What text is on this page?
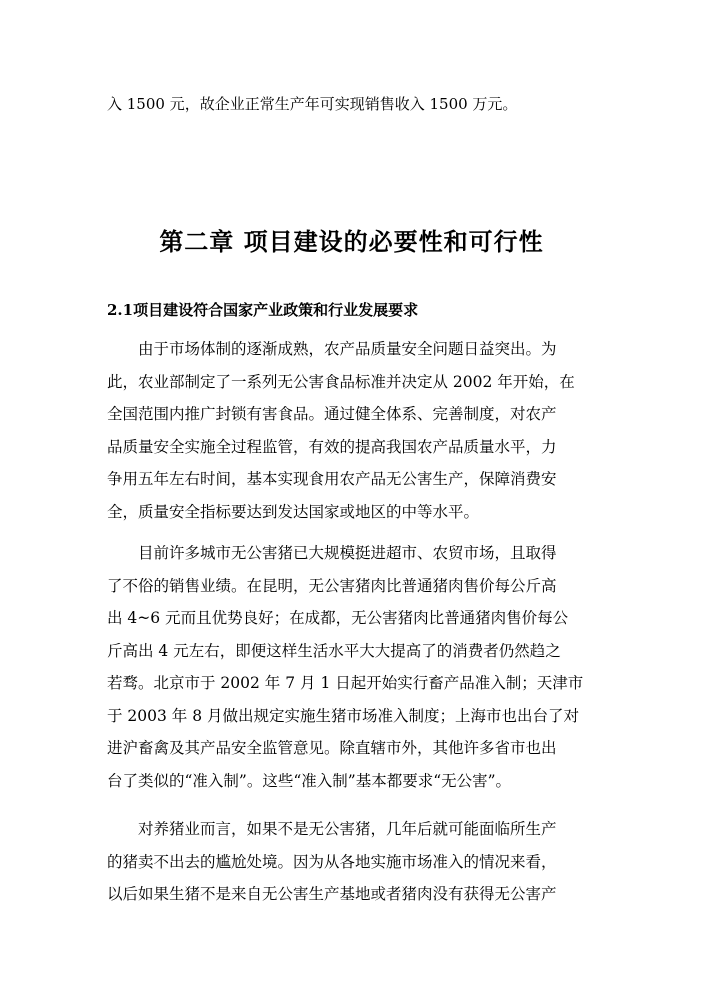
入 1500 元，故企业正常生产年可实现销售收入 1500 万元。
第二章 项目建设的必要性和可行性
2.1项目建设符合国家产业政策和行业发展要求
　　由于市场体制的逐渐成熟，农产品质量安全问题日益突出。为
此，农业部制定了一系列无公害食品标准并决定从 2002 年开始，在
全国范围内推广封锁有害食品。通过健全体系、完善制度，对农产
品质量安全实施全过程监管，有效的提高我国农产品质量水平，力
争用五年左右时间，基本实现食用农产品无公害生产，保障消费安
全，质量安全指标要达到发达国家或地区的中等水平。
　　目前许多城市无公害猪已大规模挺进超市、农贸市场，且取得
了不俗的销售业绩。在昆明，无公害猪肉比普通猪肉售价每公斤高
出 4~6 元而且优势良好；在成都，无公害猪肉比普通猪肉售价每公
斤高出 4 元左右，即便这样生活水平大大提高了的消费者仍然趋之
若骛。北京市于 2002 年 7 月 1 日起开始实行畜产品准入制；天津市
于 2003 年 8 月做出规定实施生猪市场准入制度；上海市也出台了对
进沪畜禽及其产品安全监管意见。除直辖市外，其他许多省市也出
台了类似的“准入制”。这些“准入制”基本都要求“无公害”。
　　对养猪业而言，如果不是无公害猪，几年后就可能面临所生产
的猪卖不出去的尴尬处境。因为从各地实施市场准入的情况来看，
以后如果生猪不是来自无公害生产基地或者猪肉没有获得无公害产
